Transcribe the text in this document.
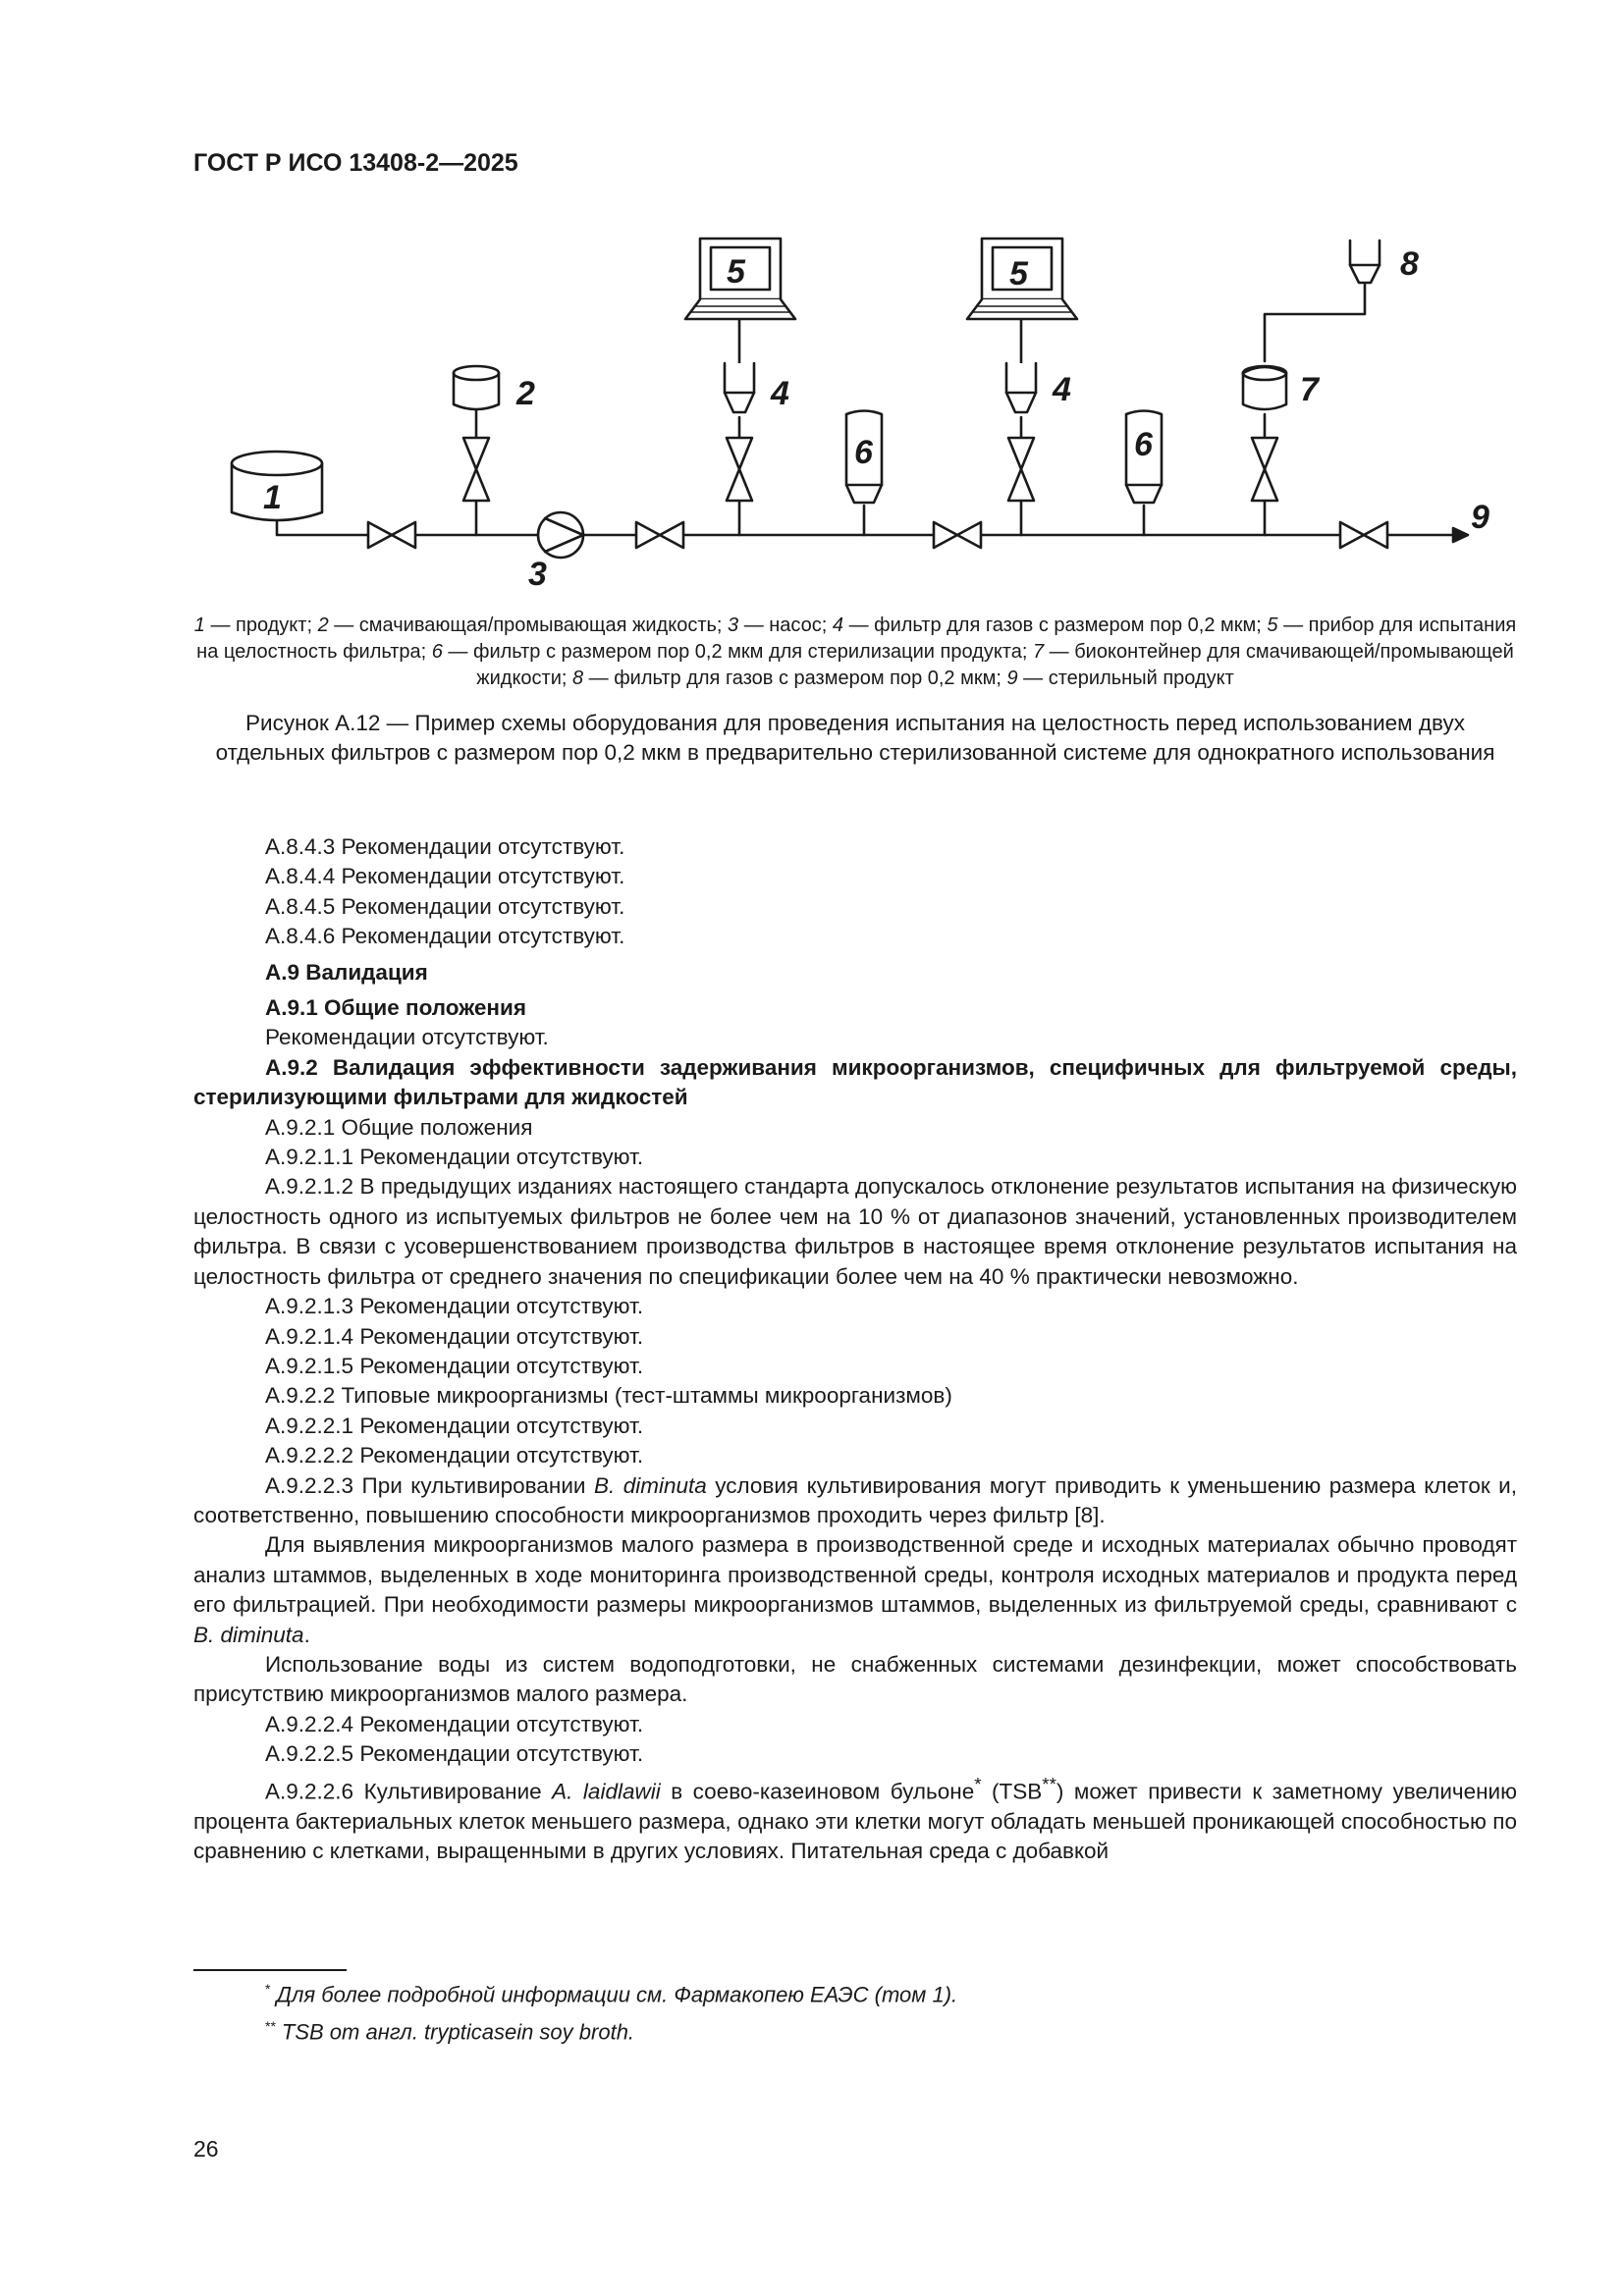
ГОСТ Р ИСО 13408-2—2025
1
2
3
4
5
6
4
5
6
7
8
9
1 — продукт; 2 — смачивающая/промывающая жидкость; 3 — насос; 4 — фильтр для газов с размером пор 0,2 мкм; 5 — прибор для испытания на целостность фильтра; 6 — фильтр с размером пор 0,2 мкм для стерилизации продукта; 7 — биоконтейнер для смачивающей/промывающей жидкости; 8 — фильтр для газов с размером пор 0,2 мкм; 9 — стерильный продукт
Рисунок А.12 — Пример схемы оборудования для проведения испытания на целостность перед использованием двух отдельных фильтров с размером пор 0,2 мкм в предварительно стерилизованной системе для однократного использования

А.8.4.3 Рекомендации отсутствуют.

А.8.4.4 Рекомендации отсутствуют.

А.8.4.5 Рекомендации отсутствуют.

А.8.4.6 Рекомендации отсутствуют.

А.9 Валидация

А.9.1 Общие положения

Рекомендации отсутствуют.

А.9.2 Валидация эффективности задерживания микроорганизмов, специфичных для фильтруемой среды, стерилизующими фильтрами для жидкостей

А.9.2.1 Общие положения

А.9.2.1.1 Рекомендации отсутствуют.

А.9.2.1.2 В предыдущих изданиях настоящего стандарта допускалось отклонение результатов испытания на физическую целостность одного из испытуемых фильтров не более чем на 10 % от диапазонов значений, установленных производителем фильтра. В связи с усовершенствованием производства фильтров в настоящее время отклонение результатов испытания на целостность фильтра от среднего значения по спецификации более чем на 40 % практически невозможно.

А.9.2.1.3 Рекомендации отсутствуют.

А.9.2.1.4 Рекомендации отсутствуют.

А.9.2.1.5 Рекомендации отсутствуют.

А.9.2.2 Типовые микроорганизмы (тест-штаммы микроорганизмов)

А.9.2.2.1 Рекомендации отсутствуют.

А.9.2.2.2 Рекомендации отсутствуют.

А.9.2.2.3 При культивировании B. diminuta условия культивирования могут приводить к уменьшению размера клеток и, соответственно, повышению способности микроорганизмов проходить через фильтр [8].

Для выявления микроорганизмов малого размера в производственной среде и исходных материалах обычно проводят анализ штаммов, выделенных в ходе мониторинга производственной среды, контроля исходных материалов и продукта перед его фильтрацией. При необходимости размеры микроорганизмов штаммов, выделенных из фильтруемой среды, сравнивают с B. diminuta.

Использование воды из систем водоподготовки, не снабженных системами дезинфекции, может способствовать присутствию микроорганизмов малого размера.

А.9.2.2.4 Рекомендации отсутствуют.

А.9.2.2.5 Рекомендации отсутствуют.

А.9.2.2.6 Культивирование A. laidlawii в соево-казеиновом бульоне* (TSB**) может привести к заметному увеличению процента бактериальных клеток меньшего размера, однако эти клетки могут обладать меньшей проникающей способностью по сравнению с клетками, выращенными в других условиях. Питательная среда с добавкой

* Для более подробной информации см. Фармакопею ЕАЭС (том 1).
** TSB от англ. trypticasein soy broth.
26
